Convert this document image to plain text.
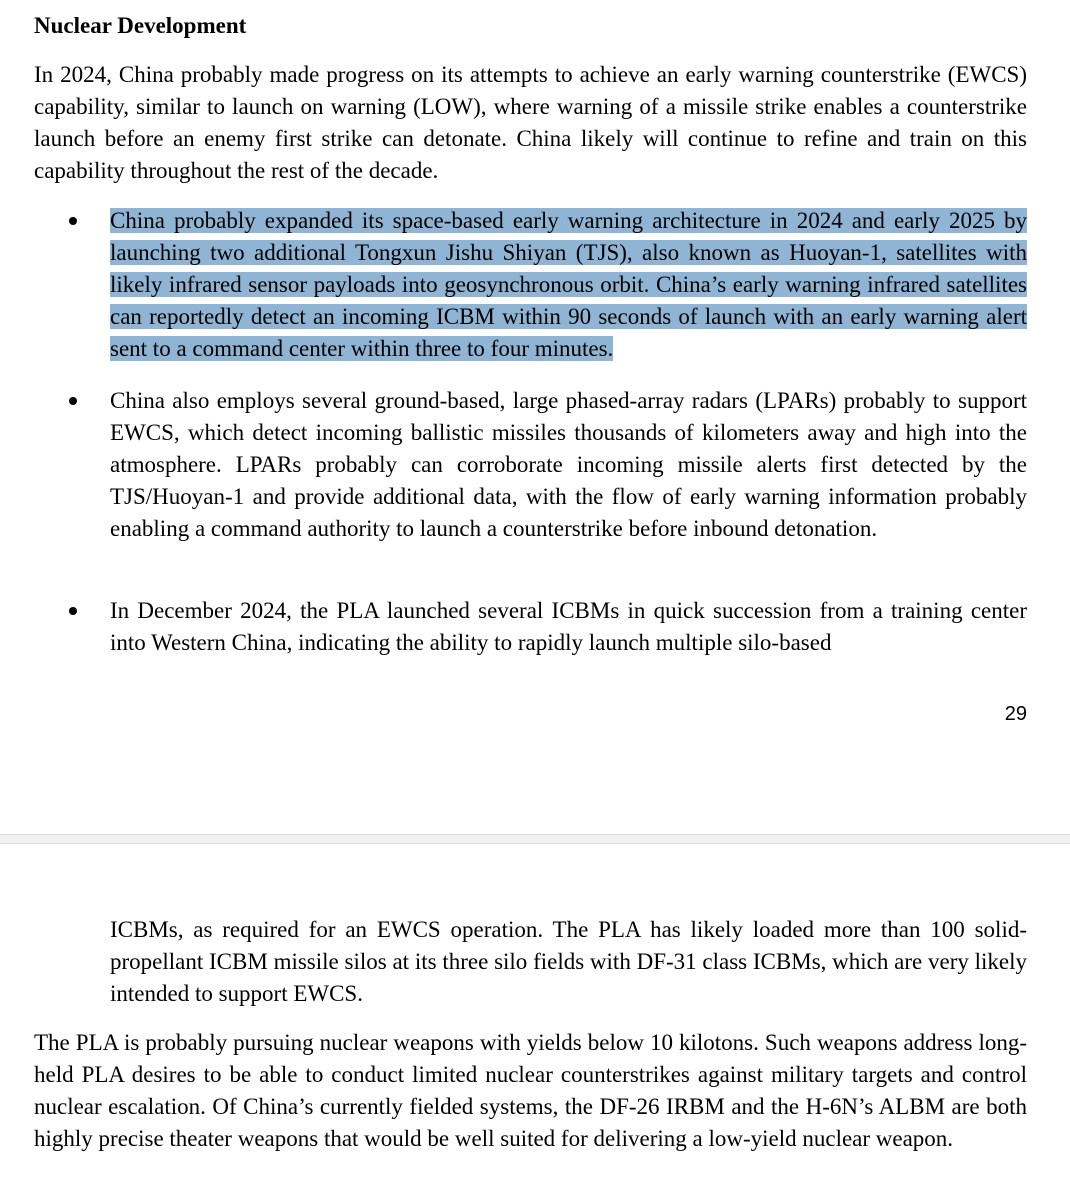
Nuclear Development

In 2024, China probably made progress on its attempts to achieve an early warning counterstrike (EWCS) capability, similar to launch on warning (LOW), where warning of a missile strike enables a counterstrike launch before an enemy first strike can detonate. China likely will continue to refine and train on this capability throughout the rest of the decade.

China probably expanded its space-based early warning architecture in 2024 and early 2025 by launching two additional Tongxun Jishu Shiyan (TJS), also known as Huoyan-1, satellites with likely infrared sensor payloads into geosynchronous orbit. China’s early warning infrared satellites can reportedly detect an incoming ICBM within 90 seconds of launch with an early warning alert sent to a command center within three to four minutes.

China also employs several ground-based, large phased-array radars (LPARs) probably to support EWCS, which detect incoming ballistic missiles thousands of kilometers away and high into the atmosphere. LPARs probably can corroborate incoming missile alerts first detected by the TJS/Huoyan-1 and provide additional data, with the flow of early warning information probably enabling a command authority to launch a counterstrike before inbound detonation.

In December 2024, the PLA launched several ICBMs in quick succession from a training center into Western China, indicating the ability to rapidly launch multiple silo-based

29

ICBMs, as required for an EWCS operation. The PLA has likely loaded more than 100 solid-propellant ICBM missile silos at its three silo fields with DF-31 class ICBMs, which are very likely intended to support EWCS.

The PLA is probably pursuing nuclear weapons with yields below 10 kilotons. Such weapons address long-held PLA desires to be able to conduct limited nuclear counterstrikes against military targets and control nuclear escalation. Of China’s currently fielded systems, the DF-26 IRBM and the H-6N’s ALBM are both highly precise theater weapons that would be well suited for delivering a low-yield nuclear weapon.
